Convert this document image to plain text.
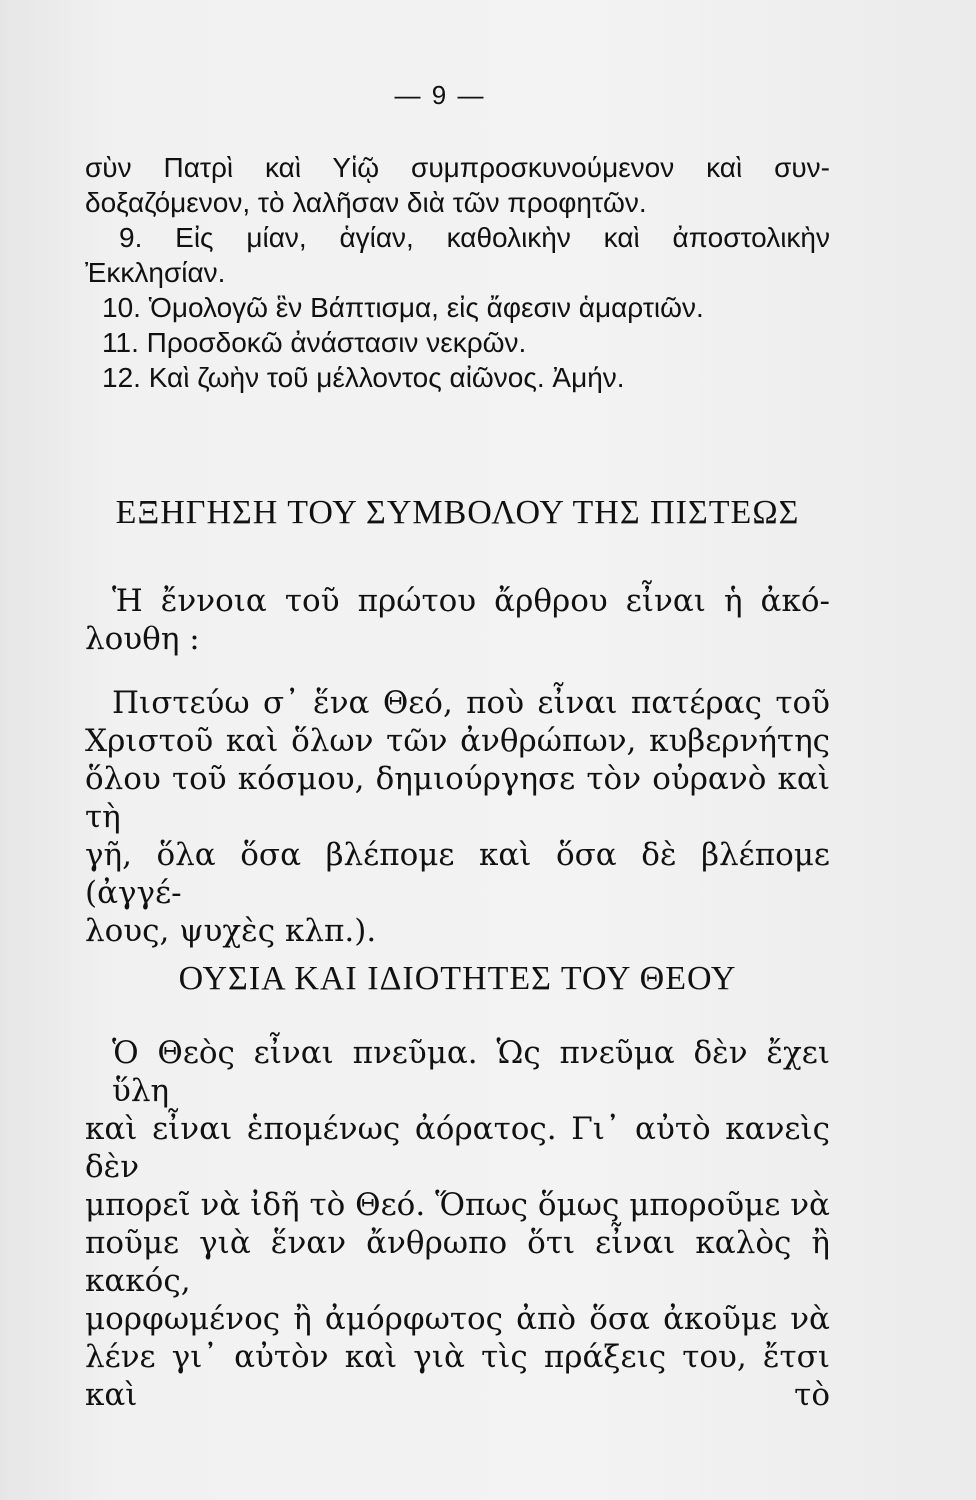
— 9 —
σὺν Πατρὶ καὶ Υἱῷ συμπροσκυνούμενον καὶ συν-
δοξαζόμενον, τὸ λαλῆσαν διὰ τῶν προφητῶν.
9. Εἰς μίαν, ἁγίαν, καθολικὴν καὶ ἀποστολικὴν
Ἐκκλησίαν.
10. Ὁμολογῶ ἓν Βάπτισμα, εἰς ἄφεσιν ἁμαρτιῶν.
11. Προσδοκῶ ἀνάστασιν νεκρῶν.
12. Καὶ ζωὴν τοῦ μέλλοντος αἰῶνος. Ἀμήν.
ΕΞΗΓΗΣΗ ΤΟΥ ΣΥΜΒΟΛΟΥ ΤΗΣ ΠΙΣΤΕΩΣ
Ἡ ἔννοια τοῦ πρώτου ἄρθρου εἶναι ἡ ἀκό-
λουθη :
Πιστεύω σ᾿ ἕνα Θεό, ποὺ εἶναι πατέρας τοῦ
Χριστοῦ καὶ ὅλων τῶν ἀνθρώπων, κυβερνήτης
ὅλου τοῦ κόσμου, δημιούργησε τὸν οὐρανὸ καὶ τὴ
γῆ, ὅλα ὅσα βλέπομε καὶ ὅσα δὲ βλέπομε (ἀγγέ-
λους, ψυχὲς κλπ.).
ΟΥΣΙΑ ΚΑΙ ΙΔΙΟΤΗΤΕΣ ΤΟΥ ΘΕΟΥ
Ὁ Θεὸς εἶναι πνεῦμα. Ὡς πνεῦμα δὲν ἔχει ὕλη
καὶ εἶναι ἑπομένως ἀόρατος. Γι᾿ αὐτὸ κανεὶς δὲν
μπορεῖ νὰ ἰδῆ τὸ Θεό. Ὅπως ὅμως μποροῦμε νὰ
ποῦμε γιὰ ἕναν ἄνθρωπο ὅτι εἶναι καλὸς ἢ κακός,
μορφωμένος ἢ ἀμόρφωτος ἀπὸ ὅσα ἀκοῦμε νὰ
λένε γι᾿ αὐτὸν καὶ γιὰ τὶς πράξεις του, ἔτσι καὶ τὸ
